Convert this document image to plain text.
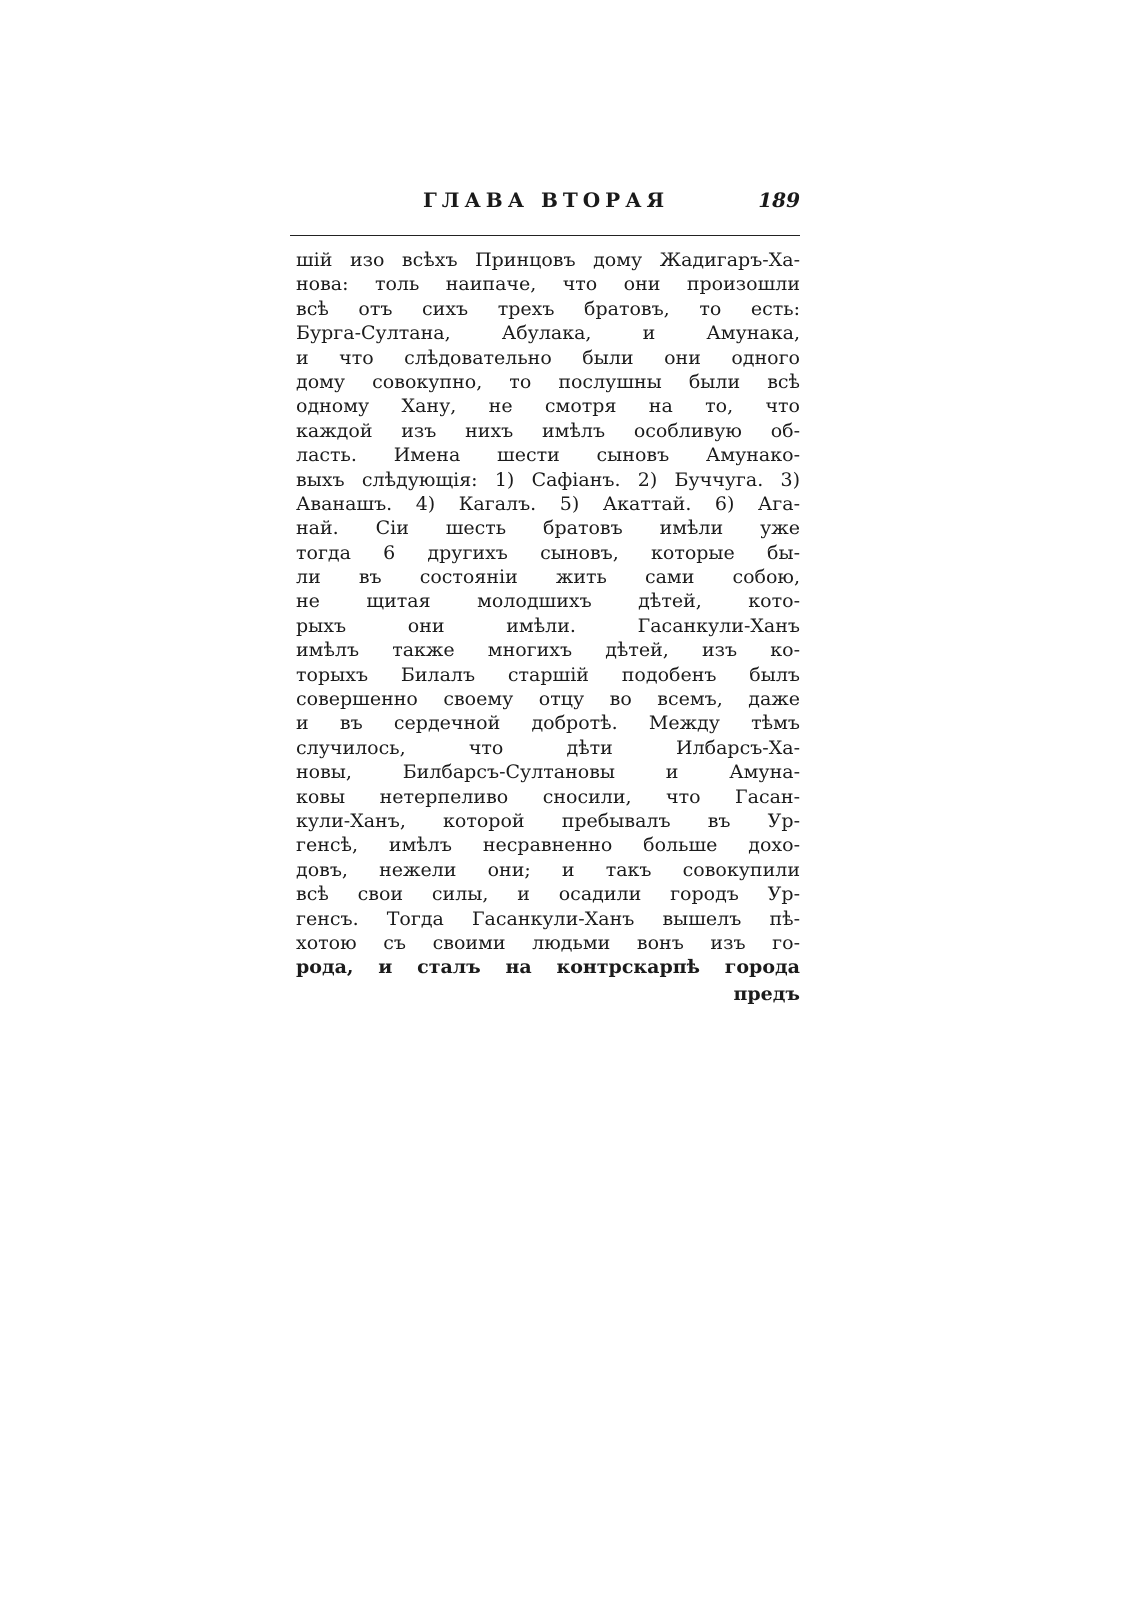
ГЛАВА ВТОРАЯ	189
шій изо всѣхъ Принцовъ дому Жадигаръ-Ха-
нова: толь наипаче, что они произошли
всѣ отъ сихъ трехъ братовъ, то есть:
Бурга-Султана, Абулака, и Амунака,
и что слѣдовательно были они одного
дому совокупно, то послушны были всѣ
одному Хану, не смотря на то, что
каждой изъ нихъ имѣлъ особливую об-
ласть. Имена шести сыновъ Амунако-
выхъ слѣдующія: 1) Сафіанъ. 2) Буччуга. 3)
Аванашъ. 4) Кагалъ. 5) Акаттай. 6) Ага-
най. Сіи шесть братовъ имѣли уже
тогда 6 другихъ сыновъ, которые бы-
ли въ состояніи жить сами собою,
не щитая молодшихъ дѣтей, кото-
рыхъ они имѣли. Гасанкули-Ханъ
имѣлъ также многихъ дѣтей, изъ ко-
торыхъ Билалъ старшій подобенъ былъ
совершенно своему отцу во всемъ, даже
и въ сердечной добротѣ. Между тѣмъ
случилось, что дѣти Илбарсъ-Ха-
новы, Билбарсъ-Султановы и Амуна-
ковы нетерпеливо сносили, что Гасан-
кули-Ханъ, которой пребывалъ въ Ур-
генсѣ, имѣлъ несравненно больше дохо-
довъ, нежели они; и такъ совокупили
всѣ свои силы, и осадили городъ Ур-
генсъ. Тогда Гасанкули-Ханъ вышелъ пѣ-
хотою съ своими людьми вонъ изъ го-
рода, и сталъ на контрскарпѣ города
предъ
